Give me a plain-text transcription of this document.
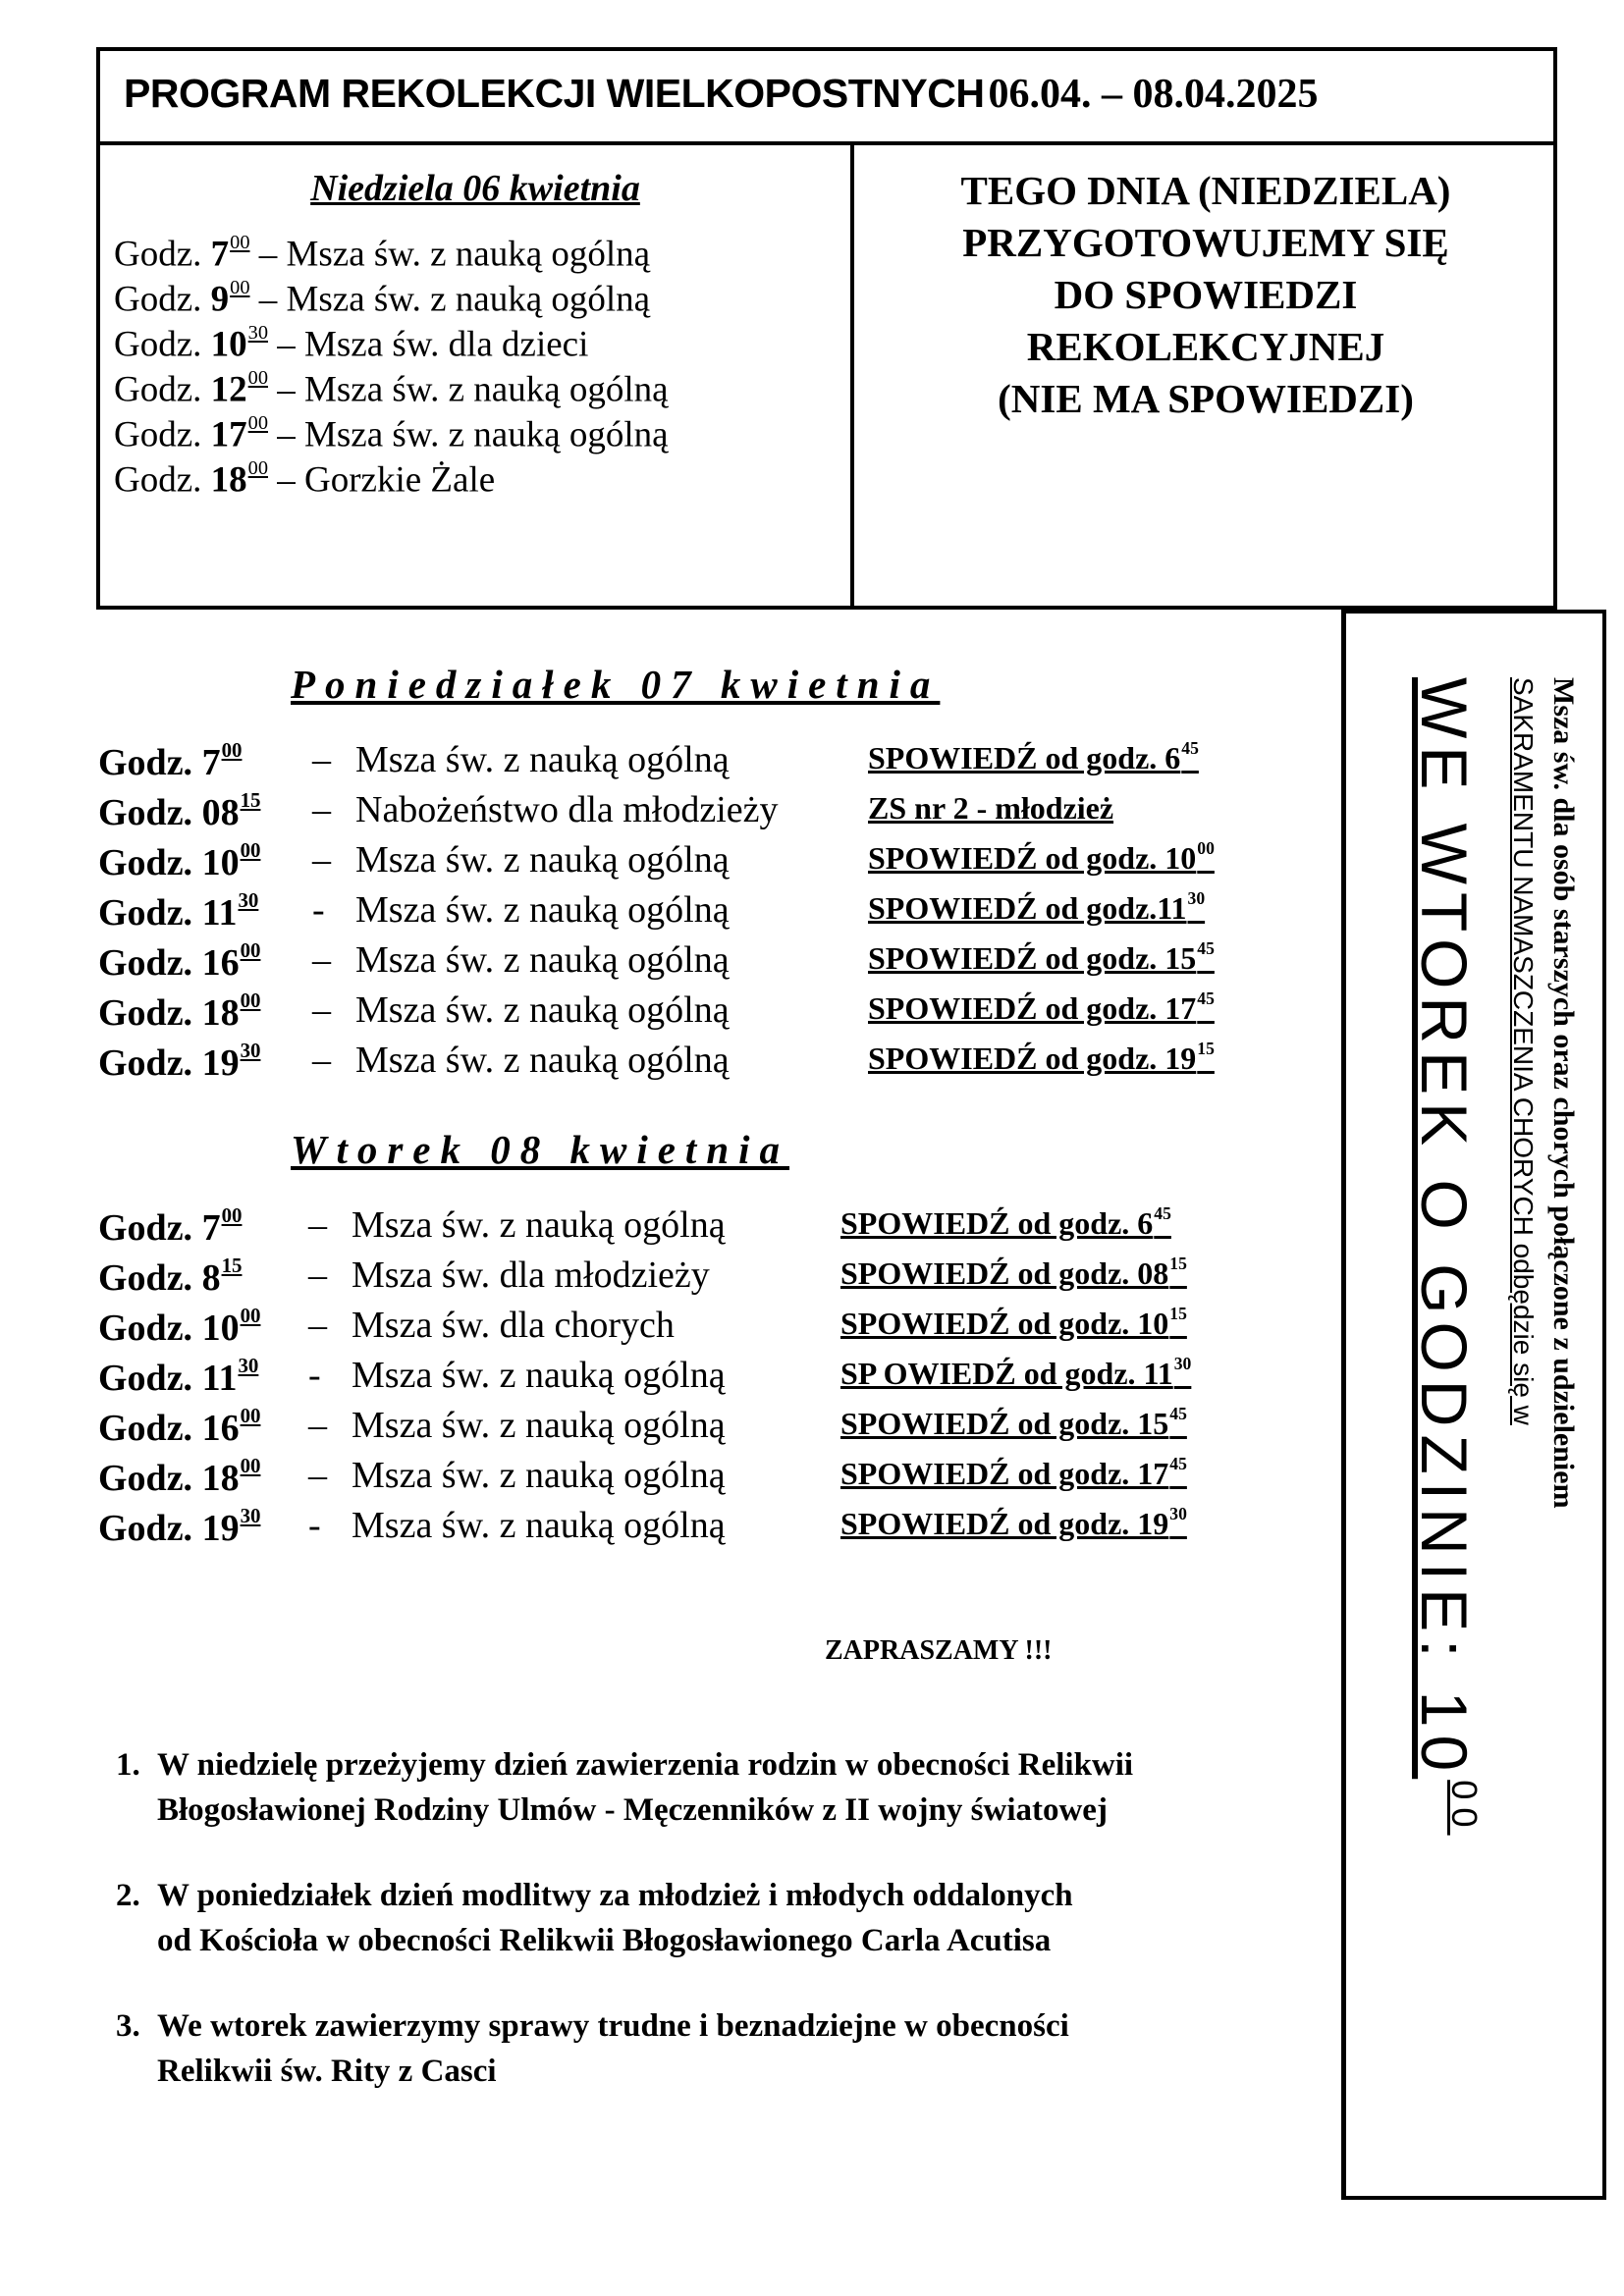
PROGRAM REKOLEKCJI WIELKOPOSTNYCH 06.04. – 08.04.2025
Niedziela 06 kwietnia	TEGO DNIA (NIEDZIELA)
PRZYGOTOWUJEMY SIĘ
DO SPOWIEDZI
REKOLEKCYJNEJ
(NIE MA SPOWIEDZI)
Godz. $7^{00}$ – Msza św. z nauką ogólną
Godz. $9^{00}$ – Msza św. z nauką ogólną
Godz. $10^{30}$ – Msza św. dla dzieci
Godz. $12^{00}$ – Msza św. z nauką ogólną
Godz. $17^{00}$ – Msza św. z nauką ogólną
Godz. $18^{00}$ – Gorzkie Żale
Msza św. dla osób starszych oraz chorych połączone z udzieleniem
SAKRAMENTU NAMASZCZENIA CHORYCH odbędzie się w
WE WTOREK O GODZINIE: $10^{00}$
Poniedziałek 07 kwietnia
Godz. $7^{00}$ – Msza św. z nauką ogólną	SPOWIEDŹ od godz. $6^{45}$
Godz. $08^{15}$ – Nabożeństwo dla młodzieży	ZS nr 2 - młodzież
Godz. $10^{00}$ – Msza św. z nauką ogólną	SPOWIEDŹ od godz. $10^{00}$
Godz. $11^{30}$ - Msza św. z nauką ogólną	SPOWIEDŹ od $godz.11^{30}$
Godz. $16^{00}$ – Msza św. z nauką ogólną	SPOWIEDŹ od godz. $15^{45}$
Godz. $18^{00}$ – Msza św. z nauką ogólną	SPOWIEDŹ od godz. $17^{45}$
Godz. $19^{30}$ – Msza św. z nauką ogólną	SPOWIEDŹ od godz. $19^{15}$
Wtorek 08 kwietnia
Godz. $7^{00}$ – Msza św. z nauką ogólną	SPOWIEDŹ od godz. $6^{45}$
Godz. $8^{15}$ – Msza św. dla młodzieży	SPOWIEDŹ od godz. $08^{15}$
Godz. $10^{00}$ – Msza św. dla chorych	SPOWIEDŹ od godz. $10^{15}$
Godz. $11^{30}$ - Msza św. z nauką ogólną	SP OWIEDŹ od godz. $11^{30}$
Godz. $16^{00}$ – Msza św. z nauką ogólną	SPOWIEDŹ od godz. $15^{45}$
Godz. $18^{00}$ – Msza św. z nauką ogólną	SPOWIEDŹ od godz. $17^{45}$
Godz. $19^{30}$ - Msza św. z nauką ogólną	SPOWIEDŹ od godz. $19^{30}$
ZAPRASZAMY !!!
1. W niedzielę przeżyjemy dzień zawierzenia rodzin w obecności Relikwii
Błogosławionej Rodziny Ulmów - Męczenników z II wojny światowej
2. W poniedziałek dzień modlitwy za młodzież i młodych oddalonych
od Kościoła w obecności Relikwii Błogosławionego Carla Acutisa
3. We wtorek zawierzymy sprawy trudne i beznadziejne w obecności
Relikwii św. Rity z Casci
